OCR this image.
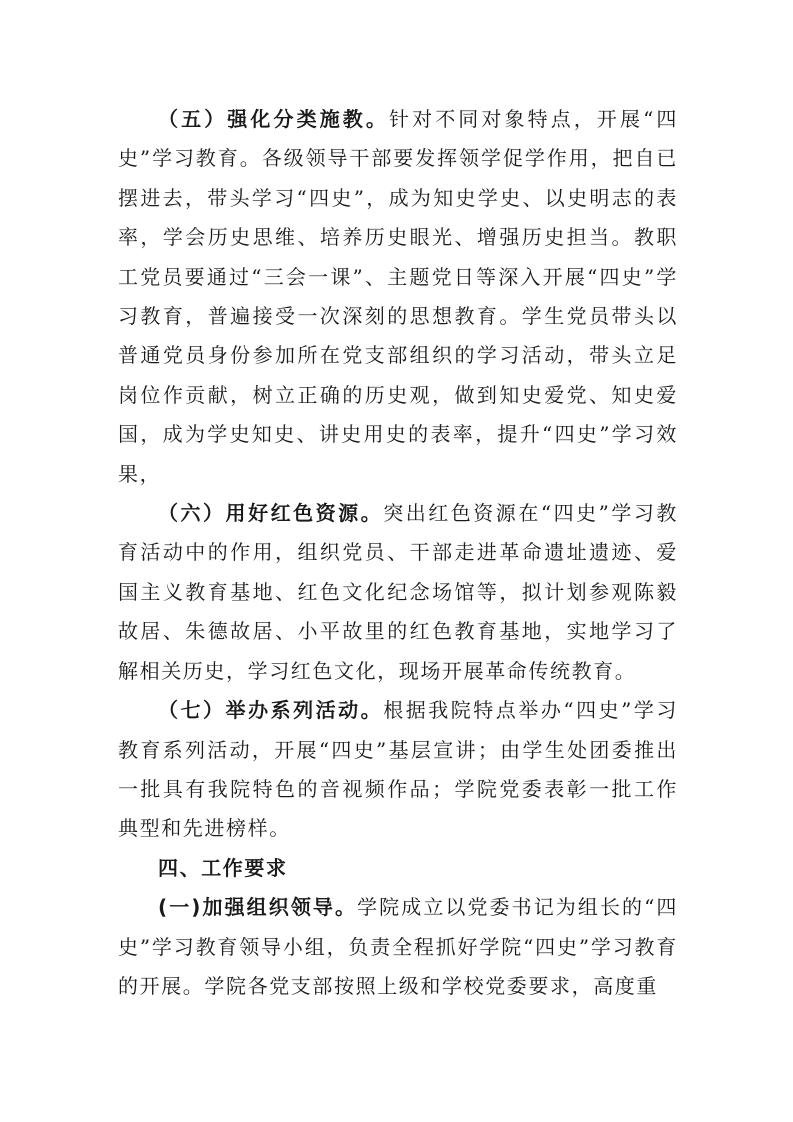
（五）强化分类施教。针对不同对象特点，开展“四史”学习教育。各级领导干部要发挥领学促学作用，把自已摆进去，带头学习“四史”，成为知史学史、以史明志的表率，学会历史思维、培养历史眼光、增强历史担当。教职工党员要通过“三会一课”、主题党日等深入开展“四史”学习教育，普遍接受一次深刻的思想教育。学生党员带头以普通党员身份参加所在党支部组织的学习活动，带头立足岗位作贡献，树立正确的历史观，做到知史爱党、知史爱国，成为学史知史、讲史用史的表率，提升“四史”学习效果，

（六）用好红色资源。突出红色资源在“四史”学习教育活动中的作用，组织党员、干部走进革命遗址遗迹、爱国主义教育基地、红色文化纪念场馆等，拟计划参观陈毅故居、朱德故居、小平故里的红色教育基地，实地学习了解相关历史，学习红色文化，现场开展革命传统教育。

（七）举办系列活动。根据我院特点举办“四史”学习教育系列活动，开展“四史”基层宣讲；由学生处团委推出一批具有我院特色的音视频作品；学院党委表彰一批工作典型和先进榜样。

四、工作要求

(一)加强组织领导。学院成立以党委书记为组长的“四史”学习教育领导小组，负责全程抓好学院“四史”学习教育的开展。学院各党支部按照上级和学校党委要求，高度重
